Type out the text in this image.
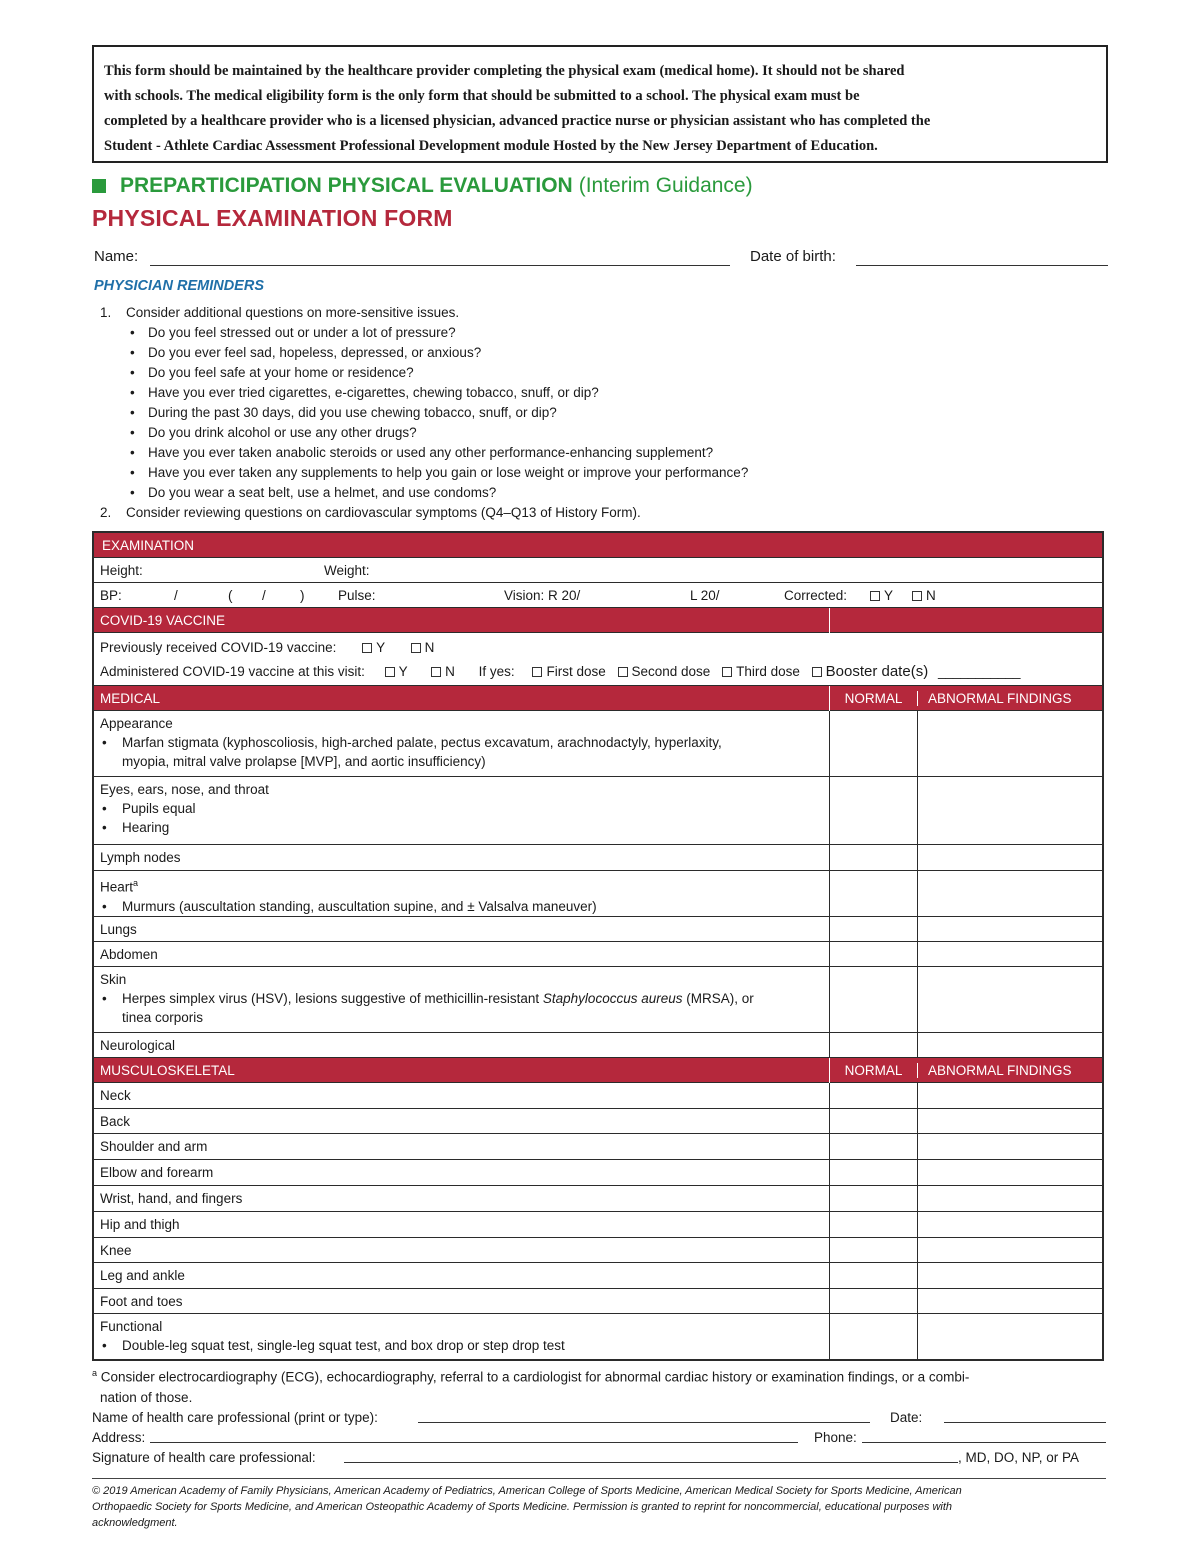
This form should be maintained by the healthcare provider completing the physical exam (medical home). It should not be shared
with schools. The medical eligibility form is the only form that should be submitted to a school. The physical exam must be
completed by a healthcare provider who is a licensed physician, advanced practice nurse or physician assistant who has completed the
Student - Athlete Cardiac Assessment Professional Development module Hosted by the New Jersey Department of Education.
PREPARTICIPATION PHYSICAL EVALUATION (Interim Guidance)
PHYSICAL EXAMINATION FORM
Name:	Date of birth:
PHYSICIAN REMINDERS
1. Consider additional questions on more-sensitive issues.
• Do you feel stressed out or under a lot of pressure?
• Do you ever feel sad, hopeless, depressed, or anxious?
• Do you feel safe at your home or residence?
• Have you ever tried cigarettes, e-cigarettes, chewing tobacco, snuff, or dip?
• During the past 30 days, did you use chewing tobacco, snuff, or dip?
• Do you drink alcohol or use any other drugs?
• Have you ever taken anabolic steroids or used any other performance-enhancing supplement?
• Have you ever taken any supplements to help you gain or lose weight or improve your performance?
• Do you wear a seat belt, use a helmet, and use condoms?
2. Consider reviewing questions on cardiovascular symptoms (Q4–Q13 of History Form).
EXAMINATION
Height:	Weight:
BP:	/	( /	) Pulse:	Vision: R 20/	L 20/	Corrected:	Y	N
COVID-19 VACCINE
Previously received COVID-19 vaccine:	Y	N
Administered COVID-19 vaccine at this visit:	Y	N If yes: First dose Second dose Third dose Booster date(s) ___________
MEDICAL	NORMAL	ABNORMAL FINDINGS
Appearance
• Marfan stigmata (kyphoscoliosis, high-arched palate, pectus excavatum, arachnodactyly, hyperlaxity,
myopia, mitral valve prolapse [MVP], and aortic insufficiency)
Eyes, ears, nose, and throat
• Pupils equal
• Hearing
Lymph nodes
Heart$^a$
• Murmurs (auscultation standing, auscultation supine, and ± Valsalva maneuver)
Lungs
Abdomen
Skin
• Herpes simplex virus (HSV), lesions suggestive of methicillin-resistant Staphylococcus aureus (MRSA), or
tinea corporis
Neurological
MUSCULOSKELETAL	NORMAL	ABNORMAL FINDINGS
Neck
Back
Shoulder and arm
Elbow and forearm
Wrist, hand, and fingers
Hip and thigh
Knee
Leg and ankle
Foot and toes
Functional
• Double-leg squat test, single-leg squat test, and box drop or step drop test
$^a$ Consider electrocardiography (ECG), echocardiography, referral to a cardiologist for abnormal cardiac history or examination findings, or a combi-
nation of those.
Name of health care professional (print or type):	Date:
Address:	Phone:
Signature of health care professional:	, MD, DO, NP, or PA
© 2019 American Academy of Family Physicians, American Academy of Pediatrics, American College of Sports Medicine, American Medical Society for Sports Medicine, American
Orthopaedic Society for Sports Medicine, and American Osteopathic Academy of Sports Medicine. Permission is granted to reprint for noncommercial, educational purposes with
acknowledgment.
